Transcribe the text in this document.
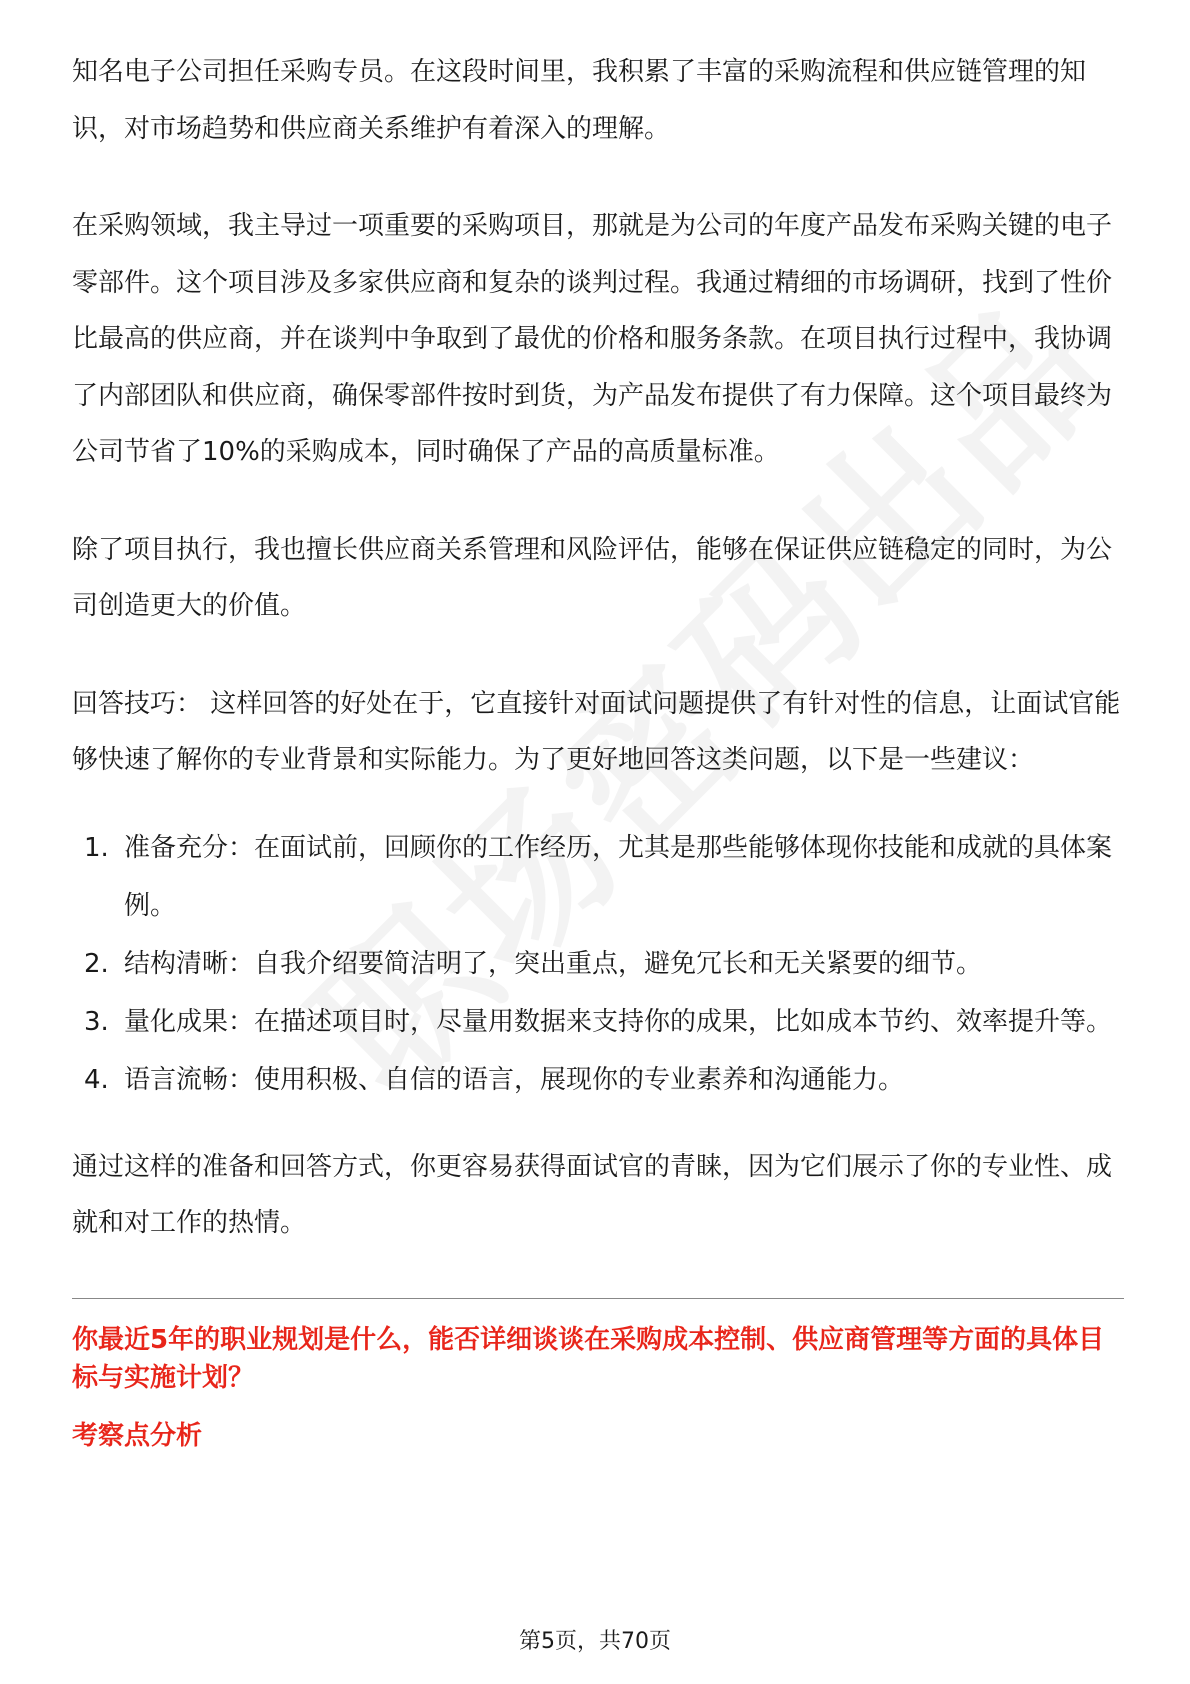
知名电子公司担任采购专员。在这段时间里，我积累了丰富的采购流程和供应链管理的知识，对市场趋势和供应商关系维护有着深入的理解。

在采购领域，我主导过一项重要的采购项目，那就是为公司的年度产品发布采购关键的电子零部件。这个项目涉及多家供应商和复杂的谈判过程。我通过精细的市场调研，找到了性价比最高的供应商，并在谈判中争取到了最优的价格和服务条款。在项目执行过程中，我协调了内部团队和供应商，确保零部件按时到货，为产品发布提供了有力保障。这个项目最终为公司节省了10%的采购成本，同时确保了产品的高质量标准。

除了项目执行，我也擅长供应商关系管理和风险评估，能够在保证供应链稳定的同时，为公司创造更大的价值。

回答技巧： 这样回答的好处在于，它直接针对面试问题提供了有针对性的信息，让面试官能够快速了解你的专业背景和实际能力。为了更好地回答这类问题，以下是一些建议：

1. 准备充分：在面试前，回顾你的工作经历，尤其是那些能够体现你技能和成就的具体案例。
2. 结构清晰：自我介绍要简洁明了，突出重点，避免冗长和无关紧要的细节。
3. 量化成果：在描述项目时，尽量用数据来支持你的成果，比如成本节约、效率提升等。
4. 语言流畅：使用积极、自信的语言，展现你的专业素养和沟通能力。

通过这样的准备和回答方式，你更容易获得面试官的青睐，因为它们展示了你的专业性、成就和对工作的热情。

你最近5年的职业规划是什么，能否详细谈谈在采购成本控制、供应商管理等方面的具体目标与实施计划？

考察点分析

第5页，共70页
